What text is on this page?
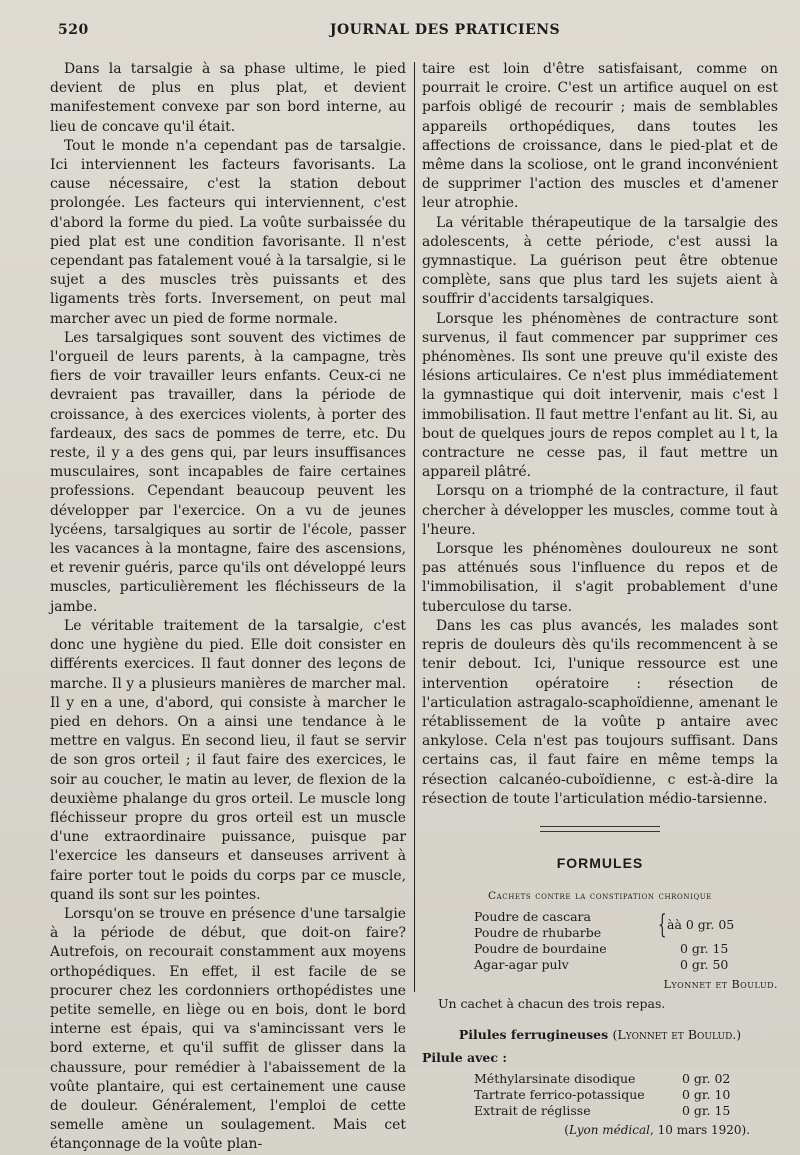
520	JOURNAL DES PRATICIENS

Dans la tarsalgie à sa phase ultime, le pied devient de plus en plus plat, et devient manifestement convexe par son bord interne, au lieu de concave qu'il était.

Tout le monde n'a cependant pas de tarsalgie. Ici interviennent les facteurs favorisants. La cause nécessaire, c'est la station debout prolongée. Les facteurs qui interviennent, c'est d'abord la forme du pied. La voûte surbaissée du pied plat est une condition favorisante. Il n'est cependant pas fatalement voué à la tarsalgie, si le sujet a des muscles très puissants et des ligaments très forts. Inversement, on peut mal marcher avec un pied de forme normale.

Les tarsalgiques sont souvent des victimes de l'orgueil de leurs parents, à la campagne, très fiers de voir travailler leurs enfants. Ceux-ci ne devraient pas travailler, dans la période de croissance, à des exercices violents, à porter des fardeaux, des sacs de pommes de terre, etc. Du reste, il y a des gens qui, par leurs insuffisances musculaires, sont incapables de faire certaines professions. Cependant beaucoup peuvent les développer par l'exercice. On a vu de jeunes lycéens, tarsalgiques au sortir de l'école, passer les vacances à la montagne, faire des ascensions, et revenir guéris, parce qu'ils ont développé leurs muscles, particulièrement les fléchisseurs de la jambe.

Le véritable traitement de la tarsalgie, c'est donc une hygiène du pied. Elle doit consister en différents exercices. Il faut donner des leçons de marche. Il y a plusieurs manières de marcher mal. Il y en a une, d'abord, qui consiste à marcher le pied en dehors. On a ainsi une tendance à le mettre en valgus. En second lieu, il faut se servir de son gros orteil ; il faut faire des exercices, le soir au coucher, le matin au lever, de flexion de la deuxième phalange du gros orteil. Le muscle long fléchisseur propre du gros orteil est un muscle d'une extraordinaire puissance, puisque par l'exercice les danseurs et danseuses arrivent à faire porter tout le poids du corps par ce muscle, quand ils sont sur les pointes.

Lorsqu'on se trouve en présence d'une tarsalgie à la période de début, que doit-on faire? Autrefois, on recourait constamment aux moyens orthopédiques. En effet, il est facile de se procurer chez les cordonniers orthopédistes une petite semelle, en liège ou en bois, dont le bord interne est épais, qui va s'amincissant vers le bord externe, et qu'il suffit de glisser dans la chaussure, pour remédier à l'abaissement de la voûte plantaire, qui est certainement une cause de douleur. Généralement, l'emploi de cette semelle amène un soulagement. Mais cet étançonnage de la voûte plan-

taire est loin d'être satisfaisant, comme on pourrait le croire. C'est un artifice auquel on est parfois obligé de recourir ; mais de semblables appareils orthopédiques, dans toutes les affections de croissance, dans le pied-plat et de même dans la scoliose, ont le grand inconvénient de supprimer l'action des muscles et d'amener leur atrophie.

La véritable thérapeutique de la tarsalgie des adolescents, à cette période, c'est aussi la gymnastique. La guérison peut être obtenue complète, sans que plus tard les sujets aient à souffrir d'accidents tarsalgiques.

Lorsque les phénomènes de contracture sont survenus, il faut commencer par supprimer ces phénomènes. Ils sont une preuve qu'il existe des lésions articulaires. Ce n'est plus immédiatement la gymnastique qui doit intervenir, mais c'est l immobilisation. Il faut mettre l'enfant au lit. Si, au bout de quelques jours de repos complet au l t, la contracture ne cesse pas, il faut mettre un appareil plâtré.

Lorsqu on a triomphé de la contracture, il faut chercher à développer les muscles, comme tout à l'heure.

Lorsque les phénomènes douloureux ne sont pas atténués sous l'influence du repos et de l'immobilisation, il s'agit probablement d'une tuberculose du tarse.

Dans les cas plus avancés, les malades sont repris de douleurs dès qu'ils recommencent à se tenir debout. Ici, l'unique ressource est une intervention opératoire : résection de l'articulation astragalo-scaphoïdienne, amenant le rétablissement de la voûte p antaire avec ankylose. Cela n'est pas toujours suffisant. Dans certains cas, il faut faire en même temps la résection calcanéo-cuboïdienne, c est-à-dire la résection de toute l'articulation médio-tarsienne.

FORMULES
Cachets contre la constipation chronique
Poudre de cascara	{ àà 0 gr. 05
Poudre de rhubarbe
Poudre de bourdaine	0 gr. 15
Agar-agar pulv	0 gr. 50
Lyonnet et Boulud.
Un cachet à chacun des trois repas.
Pilules ferrugineuses (Lyonnet et Boulud.)
Pilule avec :
Méthylarsinate disodique	0 gr. 02
Tartrate ferrico-potassique	0 gr. 10
Extrait de réglisse	0 gr. 15
(Lyon médical, 10 mars 1920).
